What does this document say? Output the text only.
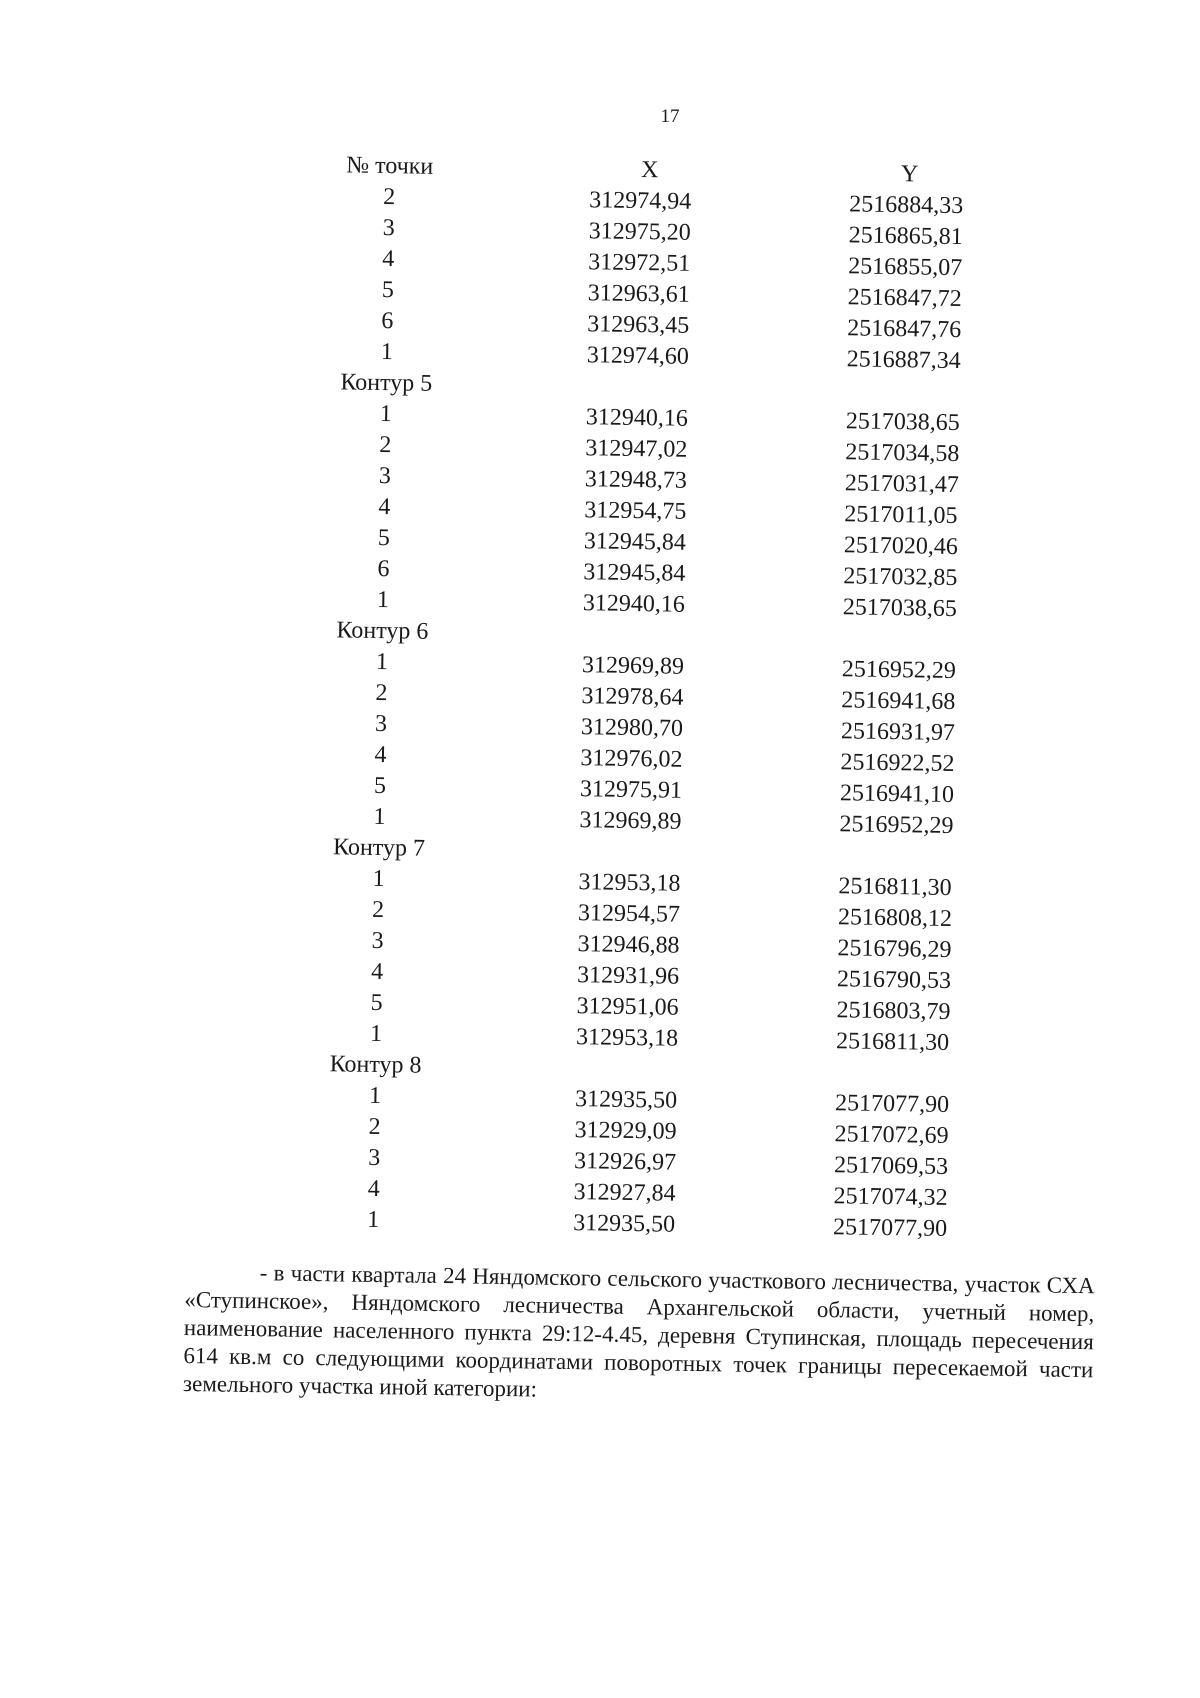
17
№ точки	X	Y
2	312974,94	2516884,33
3	312975,20	2516865,81
4	312972,51	2516855,07
5	312963,61	2516847,72
6	312963,45	2516847,76
1	312974,60	2516887,34
Контур 5
1	312940,16	2517038,65
2	312947,02	2517034,58
3	312948,73	2517031,47
4	312954,75	2517011,05
5	312945,84	2517020,46
6	312945,84	2517032,85
1	312940,16	2517038,65
Контур 6
1	312969,89	2516952,29
2	312978,64	2516941,68
3	312980,70	2516931,97
4	312976,02	2516922,52
5	312975,91	2516941,10
1	312969,89	2516952,29
Контур 7
1	312953,18	2516811,30
2	312954,57	2516808,12
3	312946,88	2516796,29
4	312931,96	2516790,53
5	312951,06	2516803,79
1	312953,18	2516811,30
Контур 8
1	312935,50	2517077,90
2	312929,09	2517072,69
3	312926,97	2517069,53
4	312927,84	2517074,32
1	312935,50	2517077,90
- в части квартала 24 Няндомского сельского участкового лесничества, участок СХА «Ступинское», Няндомского лесничества Архангельской области, учетный номер, наименование населенного пункта 29:12-4.45, деревня Ступинская, площадь пересечения 614 кв.м со следующими координатами поворотных точек границы пересекаемой части земельного участка иной категории:
